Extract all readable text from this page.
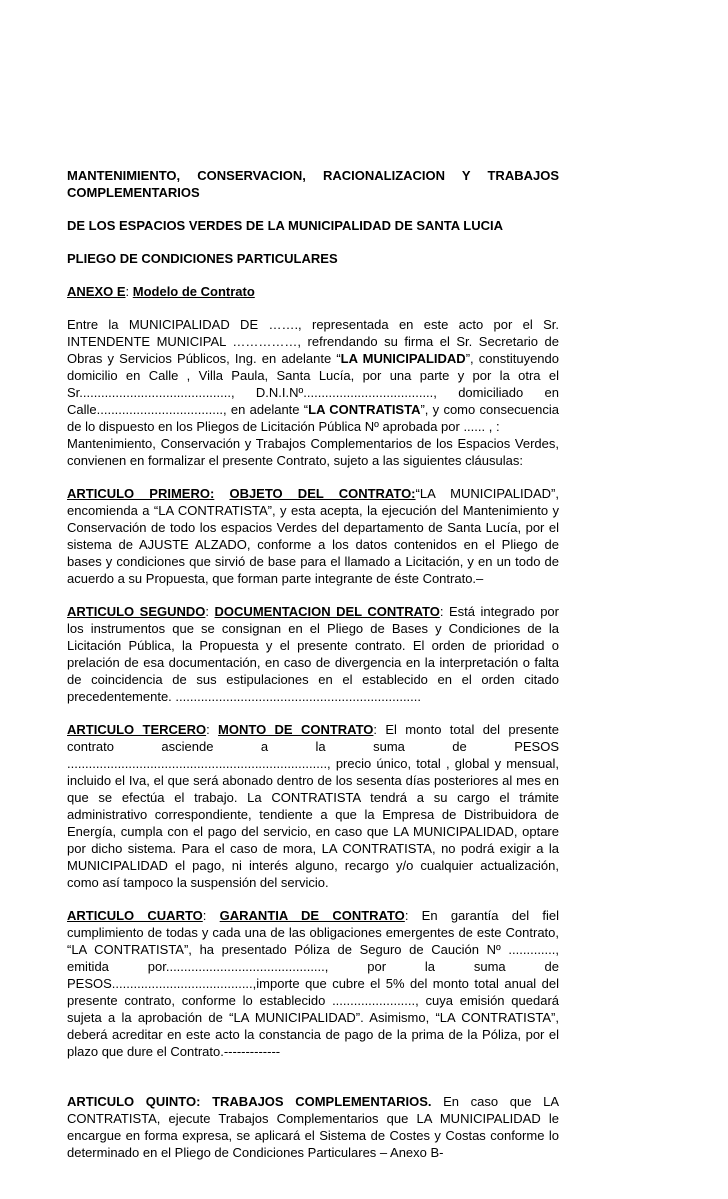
MANTENIMIENTO, CONSERVACION, RACIONALIZACION Y TRABAJOS COMPLEMENTARIOS

DE LOS ESPACIOS VERDES DE LA MUNICIPALIDAD DE SANTA LUCIA

PLIEGO DE CONDICIONES PARTICULARES

ANEXO E: Modelo de Contrato

Entre la MUNICIPALIDAD DE ……., representada en este acto por el Sr. INTENDENTE MUNICIPAL ……………, refrendando su firma el Sr. Secretario de Obras y Servicios Públicos, Ing. en adelante “LA MUNICIPALIDAD”, constituyendo domicilio en Calle , Villa Paula, Santa Lucía, por una parte y por la otra el Sr.........................................., D.N.I.Nº...................................., domiciliado en Calle..................................., en adelante “LA CONTRATISTA”, y como consecuencia de lo dispuesto en los Pliegos de Licitación Pública Nº aprobada por ...... , :

Mantenimiento, Conservación y Trabajos Complementarios de los Espacios Verdes, convienen en formalizar el presente Contrato, sujeto a las siguientes cláusulas:

ARTICULO PRIMERO: OBJETO DEL CONTRATO:“LA MUNICIPALIDAD”, encomienda a “LA CONTRATISTA”, y esta acepta, la ejecución del Mantenimiento y Conservación de todo los espacios Verdes del departamento de Santa Lucía, por el sistema de AJUSTE ALZADO, conforme a los datos contenidos en el Pliego de bases y condiciones que sirvió de base para el llamado a Licitación, y en un todo de acuerdo a su Propuesta, que forman parte integrante de éste Contrato.–

ARTICULO SEGUNDO: DOCUMENTACION DEL CONTRATO: Está integrado por los instrumentos que se consignan en el Pliego de Bases y Condiciones de la Licitación Pública, la Propuesta y el presente contrato. El orden de prioridad o prelación de esa documentación, en caso de divergencia en la interpretación o falta de coincidencia de sus estipulaciones en el establecido en el orden citado precedentemente. ....................................................................

ARTICULO TERCERO: MONTO DE CONTRATO: El monto total del presente contrato asciende a la suma de PESOS ........................................................................, precio único, total , global y mensual, incluido el Iva, el que será abonado dentro de los sesenta días posteriores al mes en que se efectúa el trabajo. La CONTRATISTA tendrá a su cargo el trámite administrativo correspondiente, tendiente a que la Empresa de Distribuidora de Energía, cumpla con el pago del servicio, en caso que LA MUNICIPALIDAD, optare por dicho sistema. Para el caso de mora, LA CONTRATISTA, no podrá exigir a la MUNICIPALIDAD el pago, ni interés alguno, recargo y/o cualquier actualización, como así tampoco la suspensión del servicio.

ARTICULO CUARTO: GARANTIA DE CONTRATO: En garantía del fiel cumplimiento de todas y cada una de las obligaciones emergentes de este Contrato, “LA CONTRATISTA”, ha presentado Póliza de Seguro de Caución Nº ............., emitida por............................................, por la suma de PESOS.......................................,importe que cubre el 5% del monto total anual del presente contrato, conforme lo establecido ......................., cuya emisión quedará sujeta a la aprobación de “LA MUNICIPALIDAD”. Asimismo, “LA CONTRATISTA”, deberá acreditar en este acto la constancia de pago de la prima de la Póliza, por el plazo que dure el Contrato.-------------

ARTICULO QUINTO: TRABAJOS COMPLEMENTARIOS. En caso que LA CONTRATISTA, ejecute Trabajos Complementarios que LA MUNICIPALIDAD le encargue en forma expresa, se aplicará el Sistema de Costes y Costas conforme lo determinado en el Pliego de Condiciones Particulares – Anexo B-
